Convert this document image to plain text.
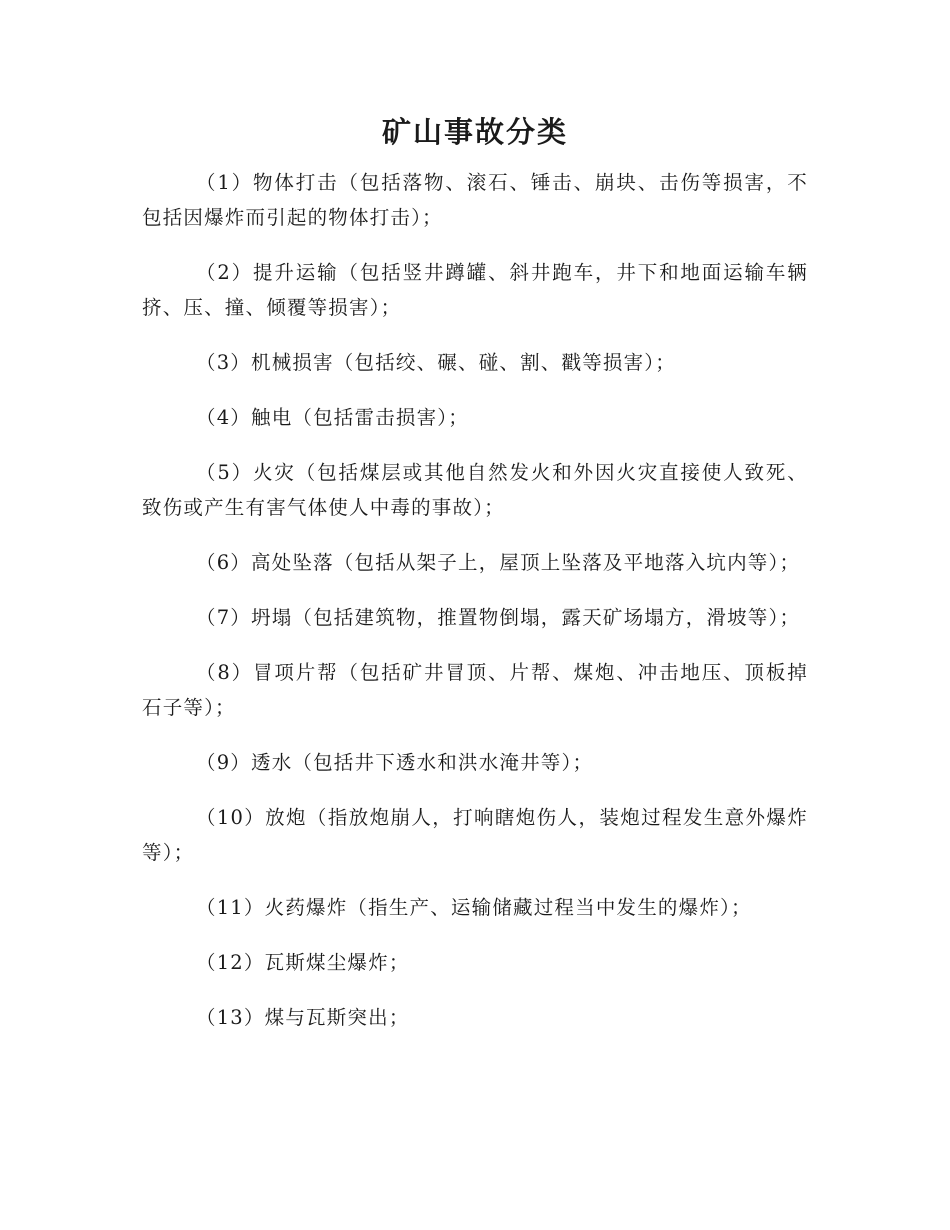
矿山事故分类

（1）物体打击（包括落物、滚石、锤击、崩块、击伤等损害，不包括因爆炸而引起的物体打击）；

（2）提升运输（包括竖井蹲罐、斜井跑车，井下和地面运输车辆挤、压、撞、倾覆等损害）；

（3）机械损害（包括绞、碾、碰、割、戳等损害）；

（4）触电（包括雷击损害）；

（5）火灾（包括煤层或其他自然发火和外因火灾直接使人致死、致伤或产生有害气体使人中毒的事故）；

（6）高处坠落（包括从架子上，屋顶上坠落及平地落入坑内等）；

（7）坍塌（包括建筑物，推置物倒塌，露天矿场塌方，滑坡等）；

（8）冒项片帮（包括矿井冒顶、片帮、煤炮、冲击地压、顶板掉石子等）；

（9）透水（包括井下透水和洪水淹井等）；

（10）放炮（指放炮崩人，打响瞎炮伤人，装炮过程发生意外爆炸等）；

（11）火药爆炸（指生产、运输储藏过程当中发生的爆炸）；

（12）瓦斯煤尘爆炸；

（13）煤与瓦斯突出；
